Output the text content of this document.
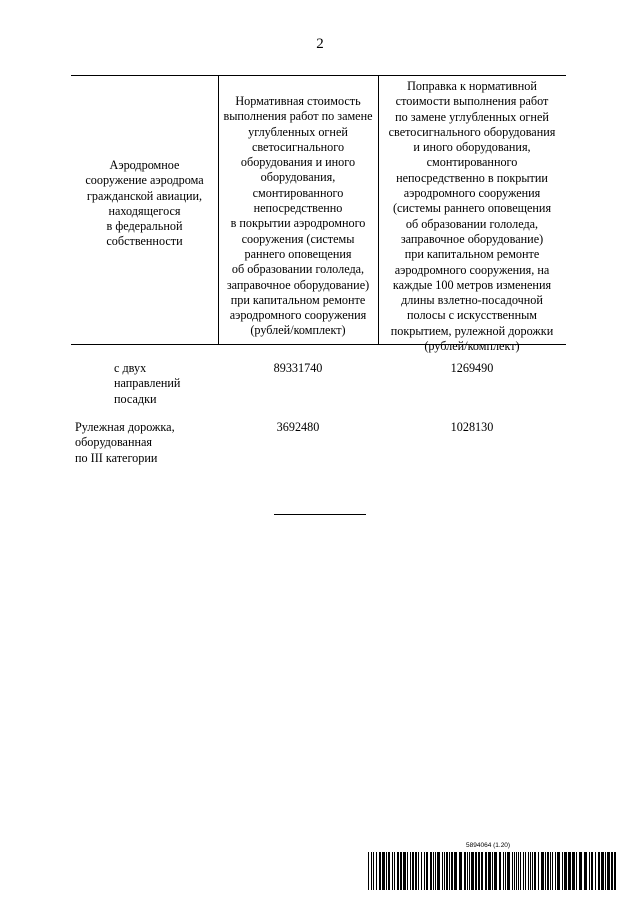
2
Аэродромное
сооружение аэродрома
гражданской авиации,
находящегося
в федеральной
собственности
Нормативная стоимость
выполнения работ по замене
углубленных огней
светосигнального
оборудования и иного
оборудования,
смонтированного
непосредственно
в покрытии аэродромного
сооружения (системы
раннего оповещения
об образовании гололеда,
заправочное оборудование)
при капитальном ремонте
аэродромного сооружения
(рублей/комплект)
Поправка к нормативной
стоимости выполнения работ
по замене углубленных огней
светосигнального оборудования
и иного оборудования,
смонтированного
непосредственно в покрытии
аэродромного сооружения
(системы раннего оповещения
об образовании гололеда,
заправочное оборудование)
при капитальном ремонте
аэродромного сооружения, на
каждые 100 метров изменения
длины взлетно-посадочной
полосы с искусственным
покрытием, рулежной дорожки
(рублей/комплект)
с двух
направлений
посадки
89331740	1269490
Рулежная дорожка,
оборудованная
по III категории
3692480	1028130
5894064 (1.20)
